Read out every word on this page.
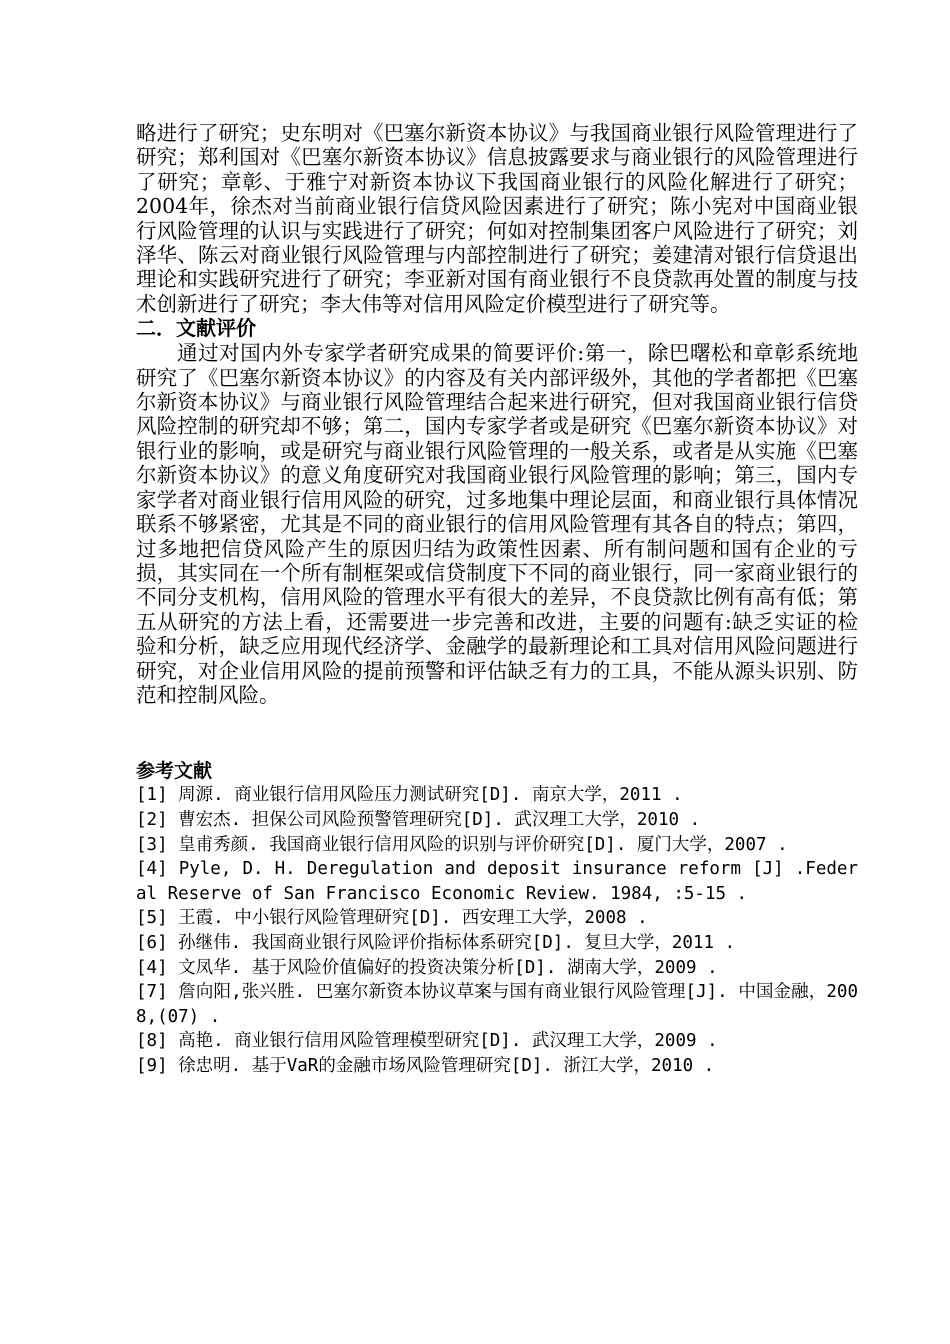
略进行了研究；史东明对《巴塞尔新资本协议》与我国商业银行风险管理进行了研究；郑利国对《巴塞尔新资本协议》信息披露要求与商业银行的风险管理进行了研究；章彰、于雅宁对新资本协议下我国商业银行的风险化解进行了研究； 2004年，徐杰对当前商业银行信贷风险因素进行了研究；陈小宪对中国商业银行风险管理的认识与实践进行了研究；何如对控制集团客户风险进行了研究；刘泽华、陈云对商业银行风险管理与内部控制进行了研究；姜建清对银行信贷退出理论和实践研究进行了研究；李亚新对国有商业银行不良贷款再处置的制度与技术创新进行了研究；李大伟等对信用风险定价模型进行了研究等。

二．文献评价

通过对国内外专家学者研究成果的简要评价:第一，除巴曙松和章彰系统地研究了《巴塞尔新资本协议》的内容及有关内部评级外，其他的学者都把《巴塞尔新资本协议》与商业银行风险管理结合起来进行研究，但对我国商业银行信贷风险控制的研究却不够；第二，国内专家学者或是研究《巴塞尔新资本协议》对银行业的影响，或是研究与商业银行风险管理的一般关系，或者是从实施《巴塞尔新资本协议》的意义角度研究对我国商业银行风险管理的影响；第三，国内专家学者对商业银行信用风险的研究，过多地集中理论层面，和商业银行具体情况联系不够紧密，尤其是不同的商业银行的信用风险管理有其各自的特点；第四，过多地把信贷风险产生的原因归结为政策性因素、所有制问题和国有企业的亏损，其实同在一个所有制框架或信贷制度下不同的商业银行，同一家商业银行的不同分支机构，信用风险的管理水平有很大的差异，不良贷款比例有高有低；第五从研究的方法上看，还需要进一步完善和改进，主要的问题有:缺乏实证的检验和分析，缺乏应用现代经济学、金融学的最新理论和工具对信用风险问题进行研究，对企业信用风险的提前预警和评估缺乏有力的工具，不能从源头识别、防范和控制风险。

参考文献
[1] 周源. 商业银行信用风险压力测试研究[D]. 南京大学，2011 .
[2] 曹宏杰. 担保公司风险预警管理研究[D]. 武汉理工大学，2010 .
[3] 皇甫秀颜. 我国商业银行信用风险的识别与评价研究[D]. 厦门大学，2007 .
[4] Pyle, D. H. Deregulation and deposit insurance reform [J] .Federal Reserve of San Francisco Economic Review. 1984, :5-15 .
[5] 王霞. 中小银行风险管理研究[D]. 西安理工大学，2008 .
[6] 孙继伟. 我国商业银行风险评价指标体系研究[D]. 复旦大学，2011 .
[4] 文凤华. 基于风险价值偏好的投资决策分析[D]. 湖南大学，2009 .
[7] 詹向阳,张兴胜. 巴塞尔新资本协议草案与国有商业银行风险管理[J]. 中国金融，2008,(07) .
[8] 高艳. 商业银行信用风险管理模型研究[D]. 武汉理工大学，2009 .
[9] 徐忠明. 基于VaR的金融市场风险管理研究[D]. 浙江大学，2010 .
